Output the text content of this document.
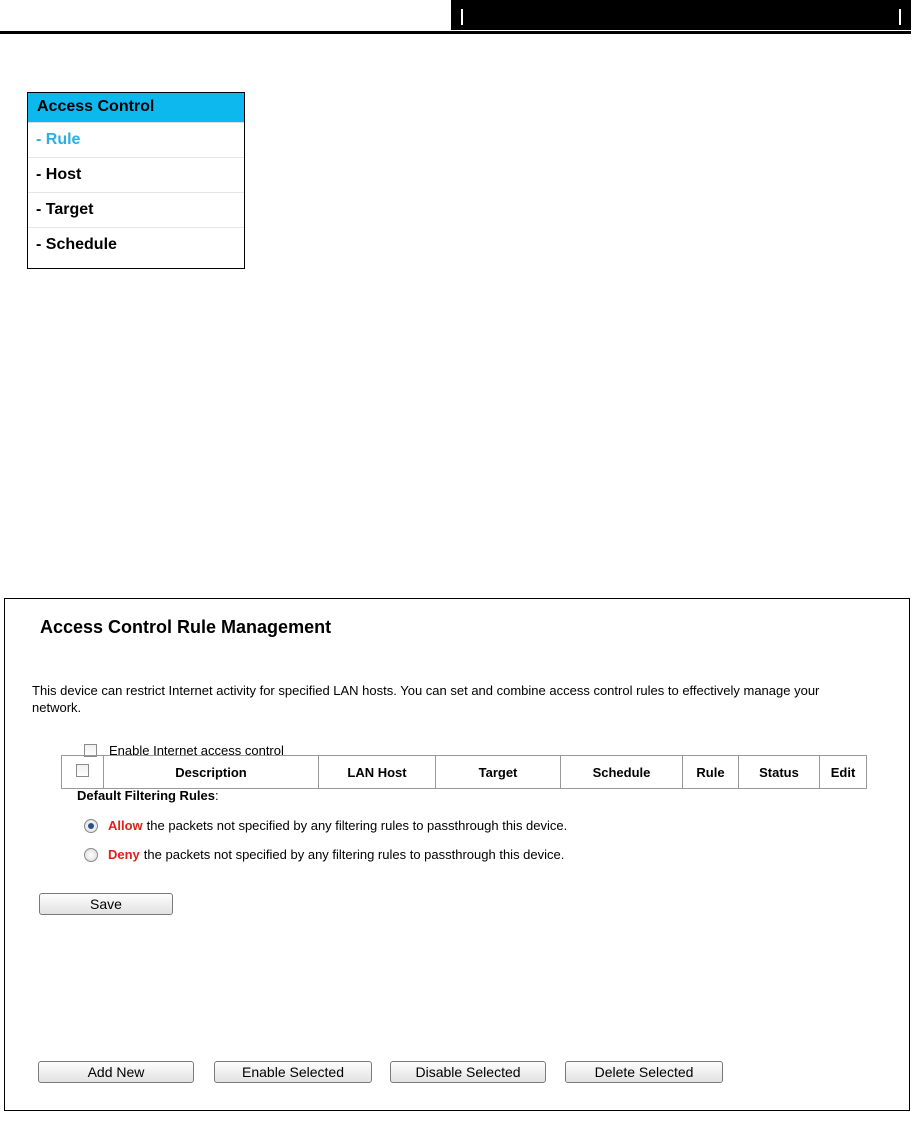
Access Control
- Rule
- Host
- Target
- Schedule
Access Control Rule Management
This device can restrict Internet activity for specified LAN hosts. You can set and combine access control rules to effectively manage your network.
Enable Internet access control
Default Filtering Rules:
Allow the packets not specified by any filtering rules to passthrough this device.
Deny the packets not specified by any filtering rules to passthrough this device.
Save
	Description	LAN Host	Target	Schedule	Rule	Status	Edit
Add New	Enable Selected	Disable Selected	Delete Selected
